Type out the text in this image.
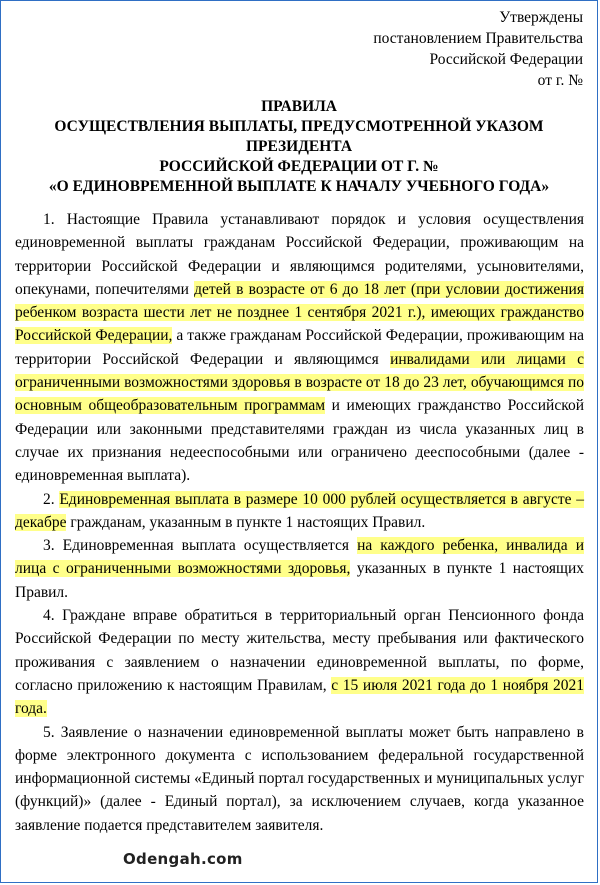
Утверждены
постановлением Правительства
Российской Федерации
от г. №
ПРАВИЛА
ОСУЩЕСТВЛЕНИЯ ВЫПЛАТЫ, ПРЕДУСМОТРЕННОЙ УКАЗОМ
ПРЕЗИДЕНТА
РОССИЙСКОЙ ФЕДЕРАЦИИ ОТ Г. №
«О ЕДИНОВРЕМЕННОЙ ВЫПЛАТЕ К НАЧАЛУ УЧЕБНОГО ГОДА»

1. Настоящие Правила устанавливают порядок и условия осуществления единовременной выплаты гражданам Российской Федерации, проживающим на территории Российской Федерации и являющимся родителями, усыновителями, опекунами, попечителями детей в возрасте от 6 до 18 лет (при условии достижения ребенком возраста шести лет не позднее 1 сентября 2021 г.), имеющих гражданство Российской Федерации, а также гражданам Российской Федерации, проживающим на территории Российской Федерации и являющимся инвалидами или лицами с ограниченными возможностями здоровья в возрасте от 18 до 23 лет, обучающимся по основным общеобразовательным программам и имеющих гражданство Российской Федерации или законными представителями граждан из числа указанных лиц в случае их признания недееспособными или ограничено дееспособными (далее - единовременная выплата).

2. Единовременная выплата в размере 10 000 рублей осуществляется в августе – декабре гражданам, указанным в пункте 1 настоящих Правил.

3. Единовременная выплата осуществляется на каждого ребенка, инвалида и лица с ограниченными возможностями здоровья, указанных в пункте 1 настоящих Правил.

4. Граждане вправе обратиться в территориальный орган Пенсионного фонда Российской Федерации по месту жительства, месту пребывания или фактического проживания с заявлением о назначении единовременной выплаты, по форме, согласно приложению к настоящим Правилам, с 15 июля 2021 года до 1 ноября 2021 года.

5. Заявление о назначении единовременной выплаты может быть направлено в форме электронного документа с использованием федеральной государственной информационной системы «Единый портал государственных и муниципальных услуг (функций)» (далее - Единый портал), за исключением случаев, когда указанное заявление подается представителем заявителя.

Odengah.com
